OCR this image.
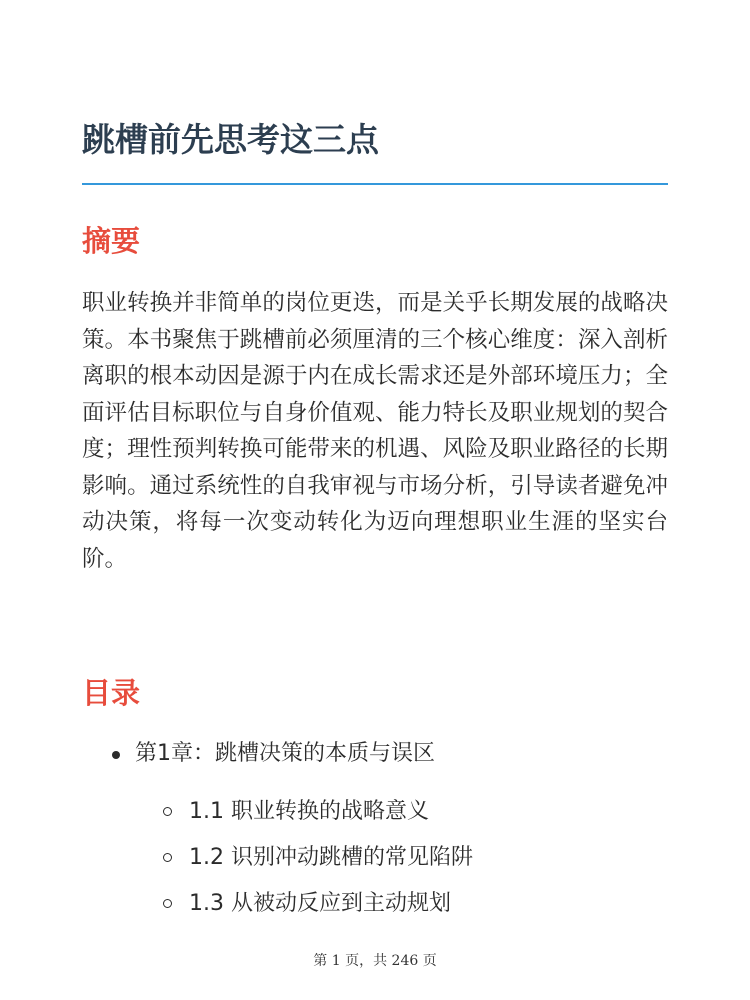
跳槽前先思考这三点
摘要

职业转换并非简单的岗位更迭，而是关乎长期发展的战略决策。本书聚焦于跳槽前必须厘清的三个核心维度：深入剖析离职的根本动因是源于内在成长需求还是外部环境压力；全面评估目标职位与自身价值观、能力特长及职业规划的契合度；理性预判转换可能带来的机遇、风险及职业路径的长期影响。通过系统性的自我审视与市场分析，引导读者避免冲动决策，将每一次变动转化为迈向理想职业生涯的坚实台阶。

目录
第1章：跳槽决策的本质与误区
1.1 职业转换的战略意义
1.2 识别冲动跳槽的常见陷阱
1.3 从被动反应到主动规划
第 1 页，共 246 页
